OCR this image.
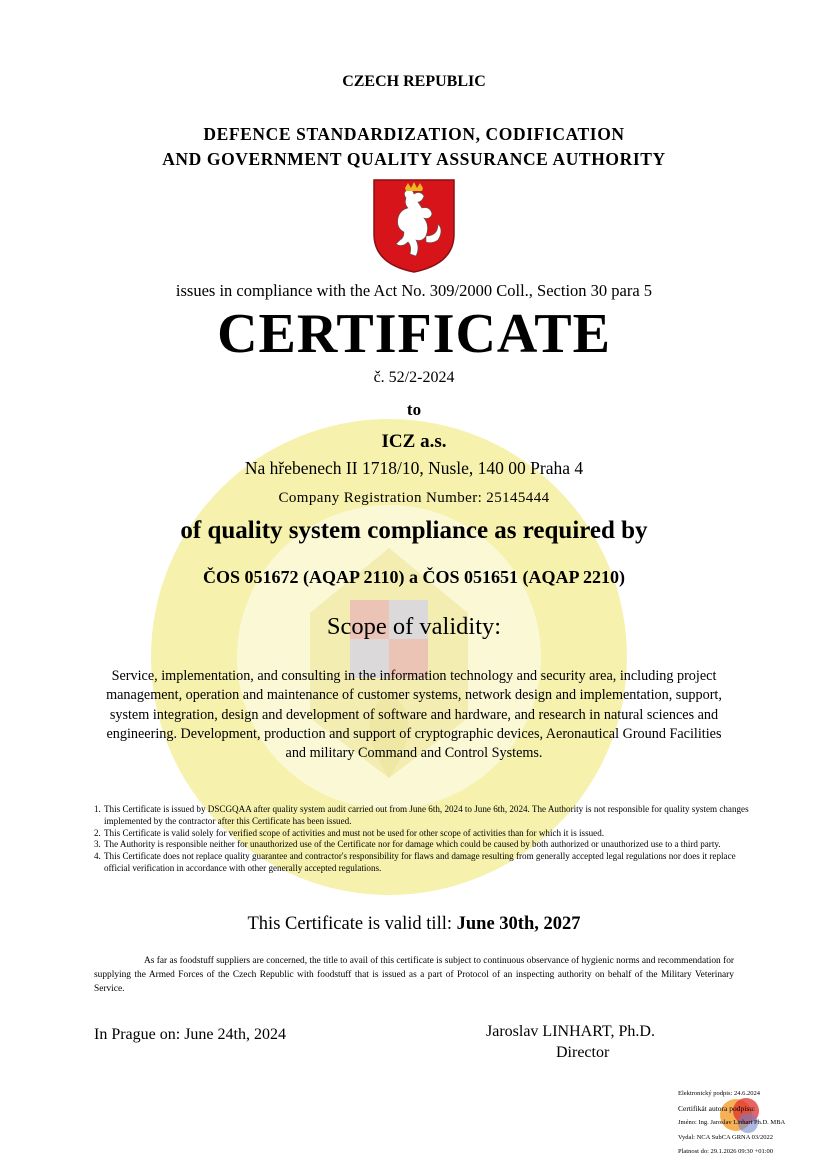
CZECH REPUBLIC
DEFENCE STANDARDIZATION, CODIFICATION
AND GOVERNMENT QUALITY ASSURANCE AUTHORITY
issues in compliance with the Act No. 309/2000 Coll., Section 30 para 5
CERTIFICATE
č. 52/2-2024
to
ICZ a.s.
Na hřebenech II 1718/10, Nusle, 140 00 Praha 4
Company Registration Number: 25145444
of quality system compliance as required by
ČOS 051672 (AQAP 2110) a ČOS 051651 (AQAP 2210)
Scope of validity:
Service, implementation, and consulting in the information technology and security area, including project management, operation and maintenance of customer systems, network design and implementation, support, system integration, design and development of software and hardware, and research in natural sciences and engineering. Development, production and support of cryptographic devices, Aeronautical Ground Facilities and military Command and Control Systems.
1. This Certificate is issued by DSCGQAA after quality system audit carried out from June 6th, 2024 to June 6th, 2024. The Authority is not responsible for quality system changes implemented by the contractor after this Certificate has been issued.
2. This Certificate is valid solely for verified scope of activities and must not be used for other scope of activities than for which it is issued.
3. The Authority is responsible neither for unauthorized use of the Certificate nor for damage which could be caused by both authorized or unauthorized use to a third party.
4. This Certificate does not replace quality guarantee and contractor's responsibility for flaws and damage resulting from generally accepted legal regulations nor does it replace official verification in accordance with other generally accepted regulations.
This Certificate is valid till: June 30th, 2027
As far as foodstuff suppliers are concerned, the title to avail of this certificate is subject to continuous observance of hygienic norms and recommendation for supplying the Armed Forces of the Czech Republic with foodstuff that is issued as a part of Protocol of an inspecting authority on behalf of the Military Veterinary Service.
In Prague on: June 24th, 2024	Jaroslav LINHART, Ph.D.
Director
Elektronický podpis: 24.6.2024
Certifikát autora podpisu:
Jméno: Ing. Jaroslav Linhart Ph.D. MBA
Vydal: NCA SubCA GRNA 03/2022
Platnost do: 29.1.2026 09:30 +01:00
